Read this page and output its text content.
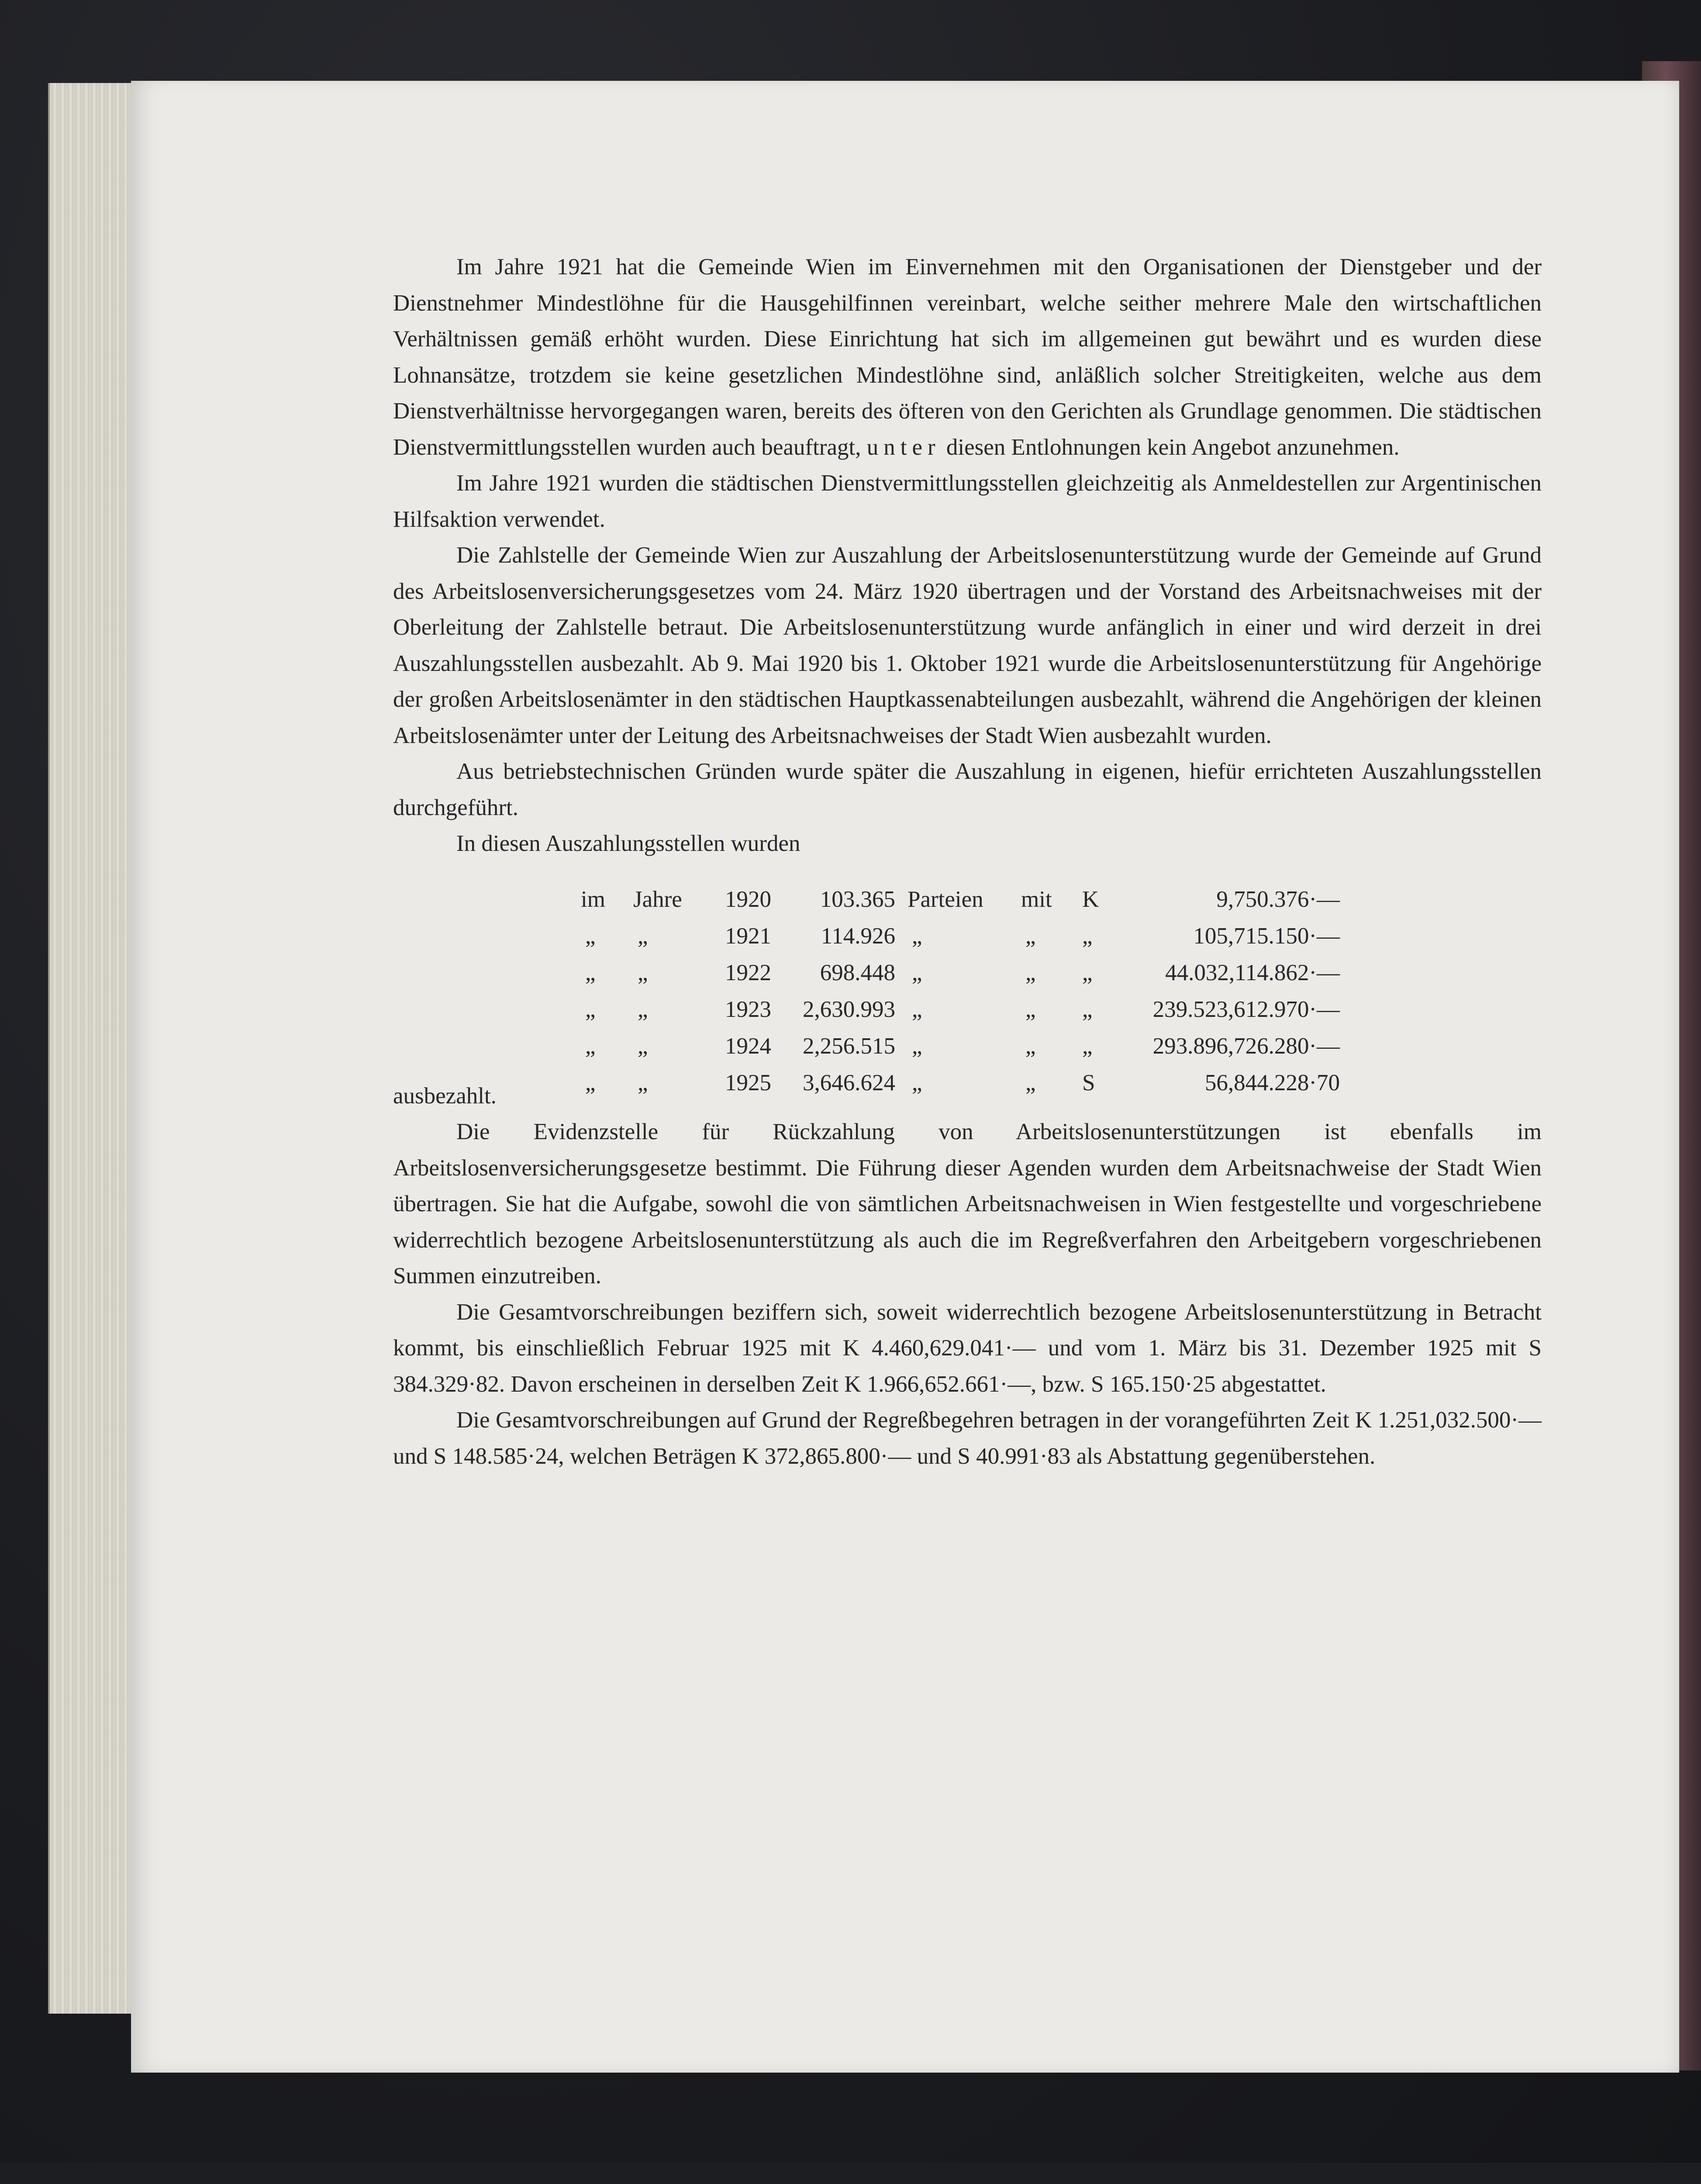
Im Jahre 1921 hat die Gemeinde Wien im Einvernehmen mit den Organisationen der Dienstgeber und der Dienstnehmer Mindestlöhne für die Hausgehilfinnen vereinbart, welche seither mehrere Male den wirtschaftlichen Verhältnissen gemäß erhöht wurden. Diese Einrichtung hat sich im allgemeinen gut bewährt und es wurden diese Lohnansätze, trotzdem sie keine gesetzlichen Mindestlöhne sind, anläßlich solcher Streitigkeiten, welche aus dem Dienstverhältnisse hervorgegangen waren, bereits des öfteren von den Gerichten als Grundlage genommen. Die städtischen Dienstvermittlungsstellen wurden auch beauftragt, unter diesen Entlohnungen kein Angebot anzunehmen.

Im Jahre 1921 wurden die städtischen Dienstvermittlungsstellen gleichzeitig als Anmeldestellen zur Argentinischen Hilfsaktion verwendet.

Die Zahlstelle der Gemeinde Wien zur Auszahlung der Arbeitslosenunterstützung wurde der Gemeinde auf Grund des Arbeitslosenversicherungsgesetzes vom 24. März 1920 übertragen und der Vorstand des Arbeitsnachweises mit der Oberleitung der Zahlstelle betraut. Die Arbeitslosenunterstützung wurde anfänglich in einer und wird derzeit in drei Auszahlungsstellen ausbezahlt. Ab 9. Mai 1920 bis 1. Oktober 1921 wurde die Arbeitslosenunterstützung für Angehörige der großen Arbeitslosenämter in den städtischen Hauptkassenabteilungen ausbezahlt, während die Angehörigen der kleinen Arbeitslosenämter unter der Leitung des Arbeitsnachweises der Stadt Wien ausbezahlt wurden.

Aus betriebstechnischen Gründen wurde später die Auszahlung in eigenen, hiefür errichteten Auszahlungsstellen durchgeführt.

In diesen Auszahlungsstellen wurden

im	Jahre	1920	103.365	Parteien	mit	K	9,750.376·—
„	„	1921	114.926	„	„	„	105,715.150·—
„	„	1922	698.448	„	„	„	44.032,114.862·—
„	„	1923	2,630.993	„	„	„	239.523,612.970·—
„	„	1924	2,256.515	„	„	„	293.896,726.280·—
„	„	1925	3,646.624	„	„	S	56,844.228·70

ausbezahlt.

Die Evidenzstelle für Rückzahlung von Arbeitslosenunterstützungen ist ebenfalls im Arbeitslosenversicherungsgesetze bestimmt. Die Führung dieser Agenden wurden dem Arbeitsnachweise der Stadt Wien übertragen. Sie hat die Aufgabe, sowohl die von sämtlichen Arbeitsnachweisen in Wien festgestellte und vorgeschriebene widerrechtlich bezogene Arbeitslosenunterstützung als auch die im Regreßverfahren den Arbeitgebern vorgeschriebenen Summen einzutreiben.

Die Gesamtvorschreibungen beziffern sich, soweit widerrechtlich bezogene Arbeitslosenunterstützung in Betracht kommt, bis einschließlich Februar 1925 mit K 4.460,629.041·— und vom 1. März bis 31. Dezember 1925 mit S 384.329·82. Davon erscheinen in derselben Zeit K 1.966,652.661·—, bzw. S 165.150·25 abgestattet.

Die Gesamtvorschreibungen auf Grund der Regreßbegehren betragen in der vorangeführten Zeit K 1.251,032.500·— und S 148.585·24, welchen Beträgen K 372,865.800·— und S 40.991·83 als Abstattung gegenüberstehen.
